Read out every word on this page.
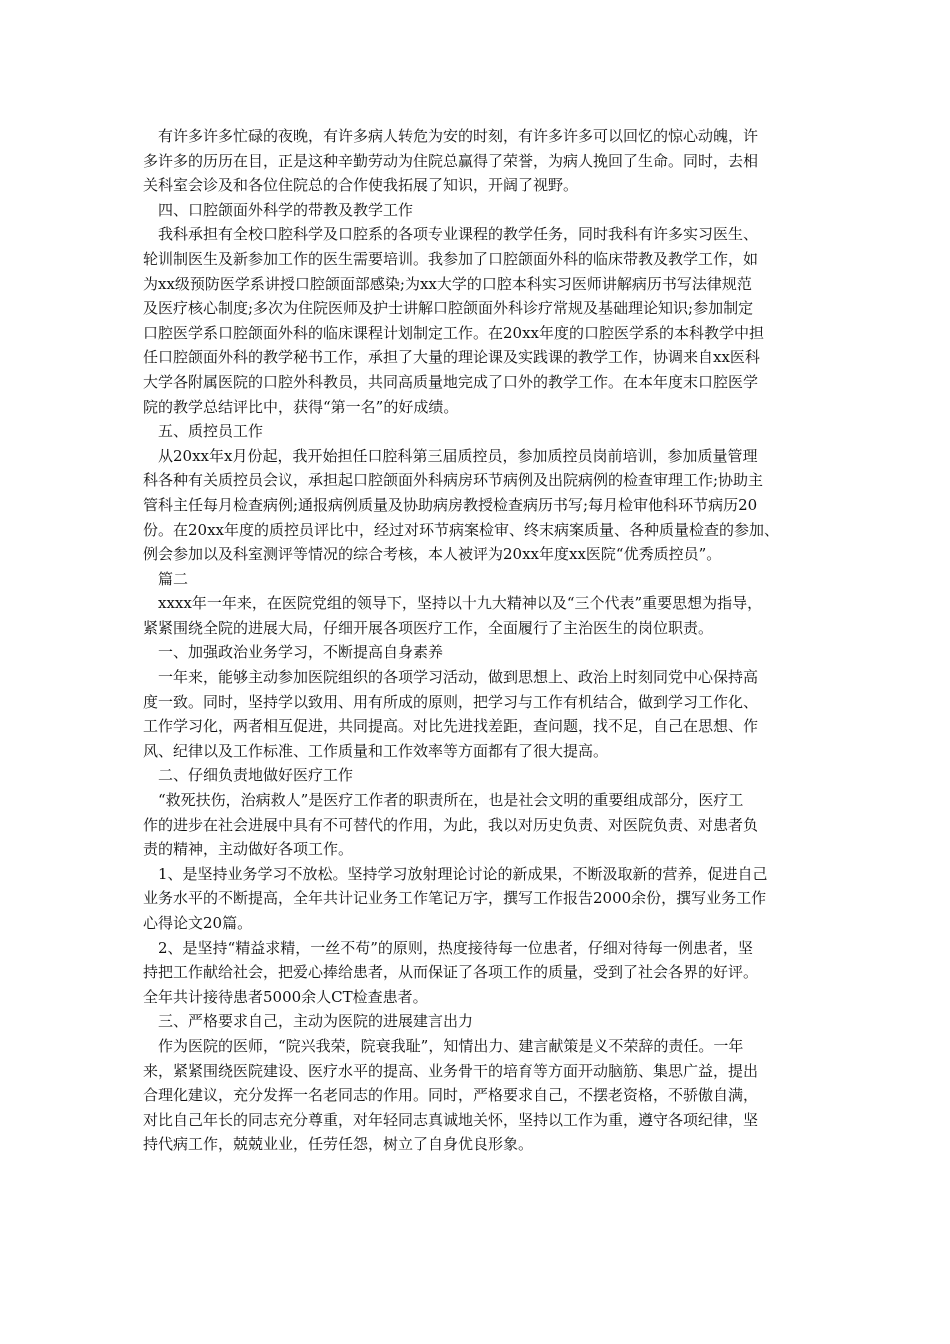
　有许多许多忙碌的夜晚，有许多病人转危为安的时刻，有许多许多可以回忆的惊心动魄，许
多许多的历历在目，正是这种辛勤劳动为住院总赢得了荣誉，为病人挽回了生命。同时，去相
关科室会诊及和各位住院总的合作使我拓展了知识，开阔了视野。
　四、口腔颌面外科学的带教及教学工作
　我科承担有全校口腔科学及口腔系的各项专业课程的教学任务，同时我科有许多实习医生、
轮训制医生及新参加工作的医生需要培训。我参加了口腔颌面外科的临床带教及教学工作，如
为xx级预防医学系讲授口腔颌面部感染;为xx大学的口腔本科实习医师讲解病历书写法律规范
及医疗核心制度;多次为住院医师及护士讲解口腔颌面外科诊疗常规及基础理论知识;参加制定
口腔医学系口腔颌面外科的临床课程计划制定工作。在20xx年度的口腔医学系的本科教学中担
任口腔颌面外科的教学秘书工作，承担了大量的理论课及实践课的教学工作，协调来自xx医科
大学各附属医院的口腔外科教员，共同高质量地完成了口外的教学工作。在本年度末口腔医学
院的教学总结评比中，获得“第一名”的好成绩。
　五、质控员工作
　从20xx年x月份起，我开始担任口腔科第三届质控员，参加质控员岗前培训，参加质量管理
科各种有关质控员会议，承担起口腔颌面外科病房环节病例及出院病例的检查审理工作;协助主
管科主任每月检查病例;通报病例质量及协助病房教授检查病历书写;每月检审他科环节病历20
份。在20xx年度的质控员评比中，经过对环节病案检审、终末病案质量、各种质量检查的参加、
例会参加以及科室测评等情况的综合考核，本人被评为20xx年度xx医院“优秀质控员”。
　篇二
　xxxx年一年来，在医院党组的领导下，坚持以十九大精神以及“三个代表”重要思想为指导，
紧紧围绕全院的进展大局，仔细开展各项医疗工作，全面履行了主治医生的岗位职责。
　一、加强政治业务学习，不断提高自身素养
　一年来，能够主动参加医院组织的各项学习活动，做到思想上、政治上时刻同党中心保持高
度一致。同时，坚持学以致用、用有所成的原则，把学习与工作有机结合，做到学习工作化、
工作学习化，两者相互促进，共同提高。对比先进找差距，查问题，找不足，自己在思想、作
风、纪律以及工作标准、工作质量和工作效率等方面都有了很大提高。
　二、仔细负责地做好医疗工作
　“救死扶伤，治病救人”是医疗工作者的职责所在，也是社会文明的重要组成部分，医疗工
作的进步在社会进展中具有不可替代的作用，为此，我以对历史负责、对医院负责、对患者负
责的精神，主动做好各项工作。
　1、是坚持业务学习不放松。坚持学习放射理论讨论的新成果，不断汲取新的营养，促进自己
业务水平的不断提高，全年共计记业务工作笔记万字，撰写工作报告2000余份，撰写业务工作
心得论文20篇。
　2、是坚持“精益求精，一丝不苟”的原则，热度接待每一位患者，仔细对待每一例患者，坚
持把工作献给社会，把爱心捧给患者，从而保证了各项工作的质量，受到了社会各界的好评。
全年共计接待患者5000余人CT检查患者。
　三、严格要求自己，主动为医院的进展建言出力
　作为医院的医师，“院兴我荣，院衰我耻”，知情出力、建言献策是义不荣辞的责任。一年
来，紧紧围绕医院建设、医疗水平的提高、业务骨干的培育等方面开动脑筋、集思广益，提出
合理化建议，充分发挥一名老同志的作用。同时，严格要求自己，不摆老资格，不骄傲自满，
对比自己年长的同志充分尊重，对年轻同志真诚地关怀，坚持以工作为重，遵守各项纪律，坚
持代病工作，兢兢业业，任劳任怨，树立了自身优良形象。
